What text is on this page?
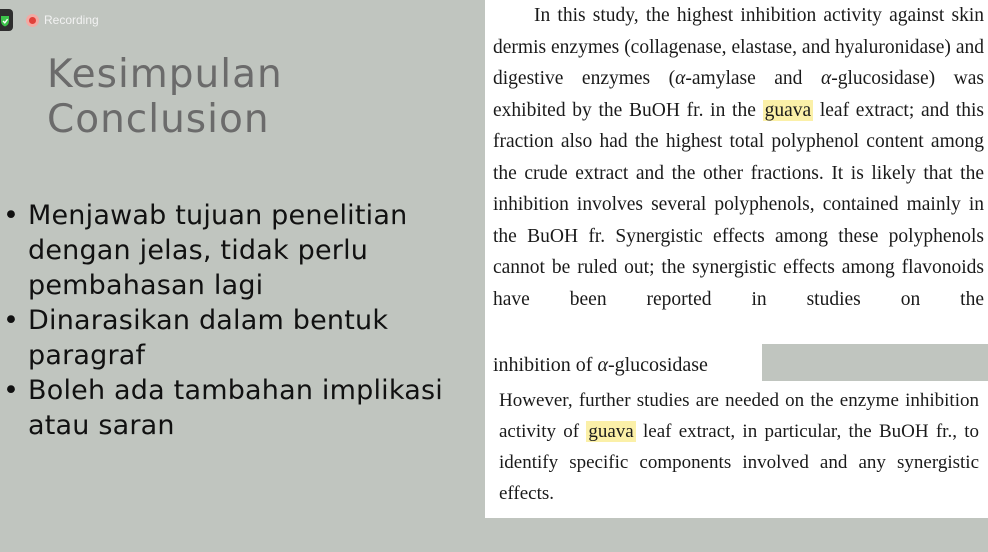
Recording
Kesimpulan
Conclusion
• Menjawab tujuan penelitian dengan jelas, tidak perlu pembahasan lagi
• Dinarasikan dalam bentuk paragraf
• Boleh ada tambahan implikasi atau saran
In this study, the highest inhibition activity against skin dermis enzymes (collagenase, elastase, and hyaluronidase) and digestive enzymes (α-amylase and α-glucosidase) was exhibited by the BuOH fr. in the guava leaf extract; and this fraction also had the highest total polyphenol content among the crude extract and the other fractions. It is likely that the inhibition involves several polyphenols, contained mainly in the BuOH fr. Synergistic effects among these polyphenols cannot be ruled out; the synergistic effects among flavonoids have been reported in studies on the
inhibition of α-glucosidase
However, further studies are needed on the enzyme inhibition activity of guava leaf extract, in particular, the BuOH fr., to identify specific components involved and any synergistic effects.
